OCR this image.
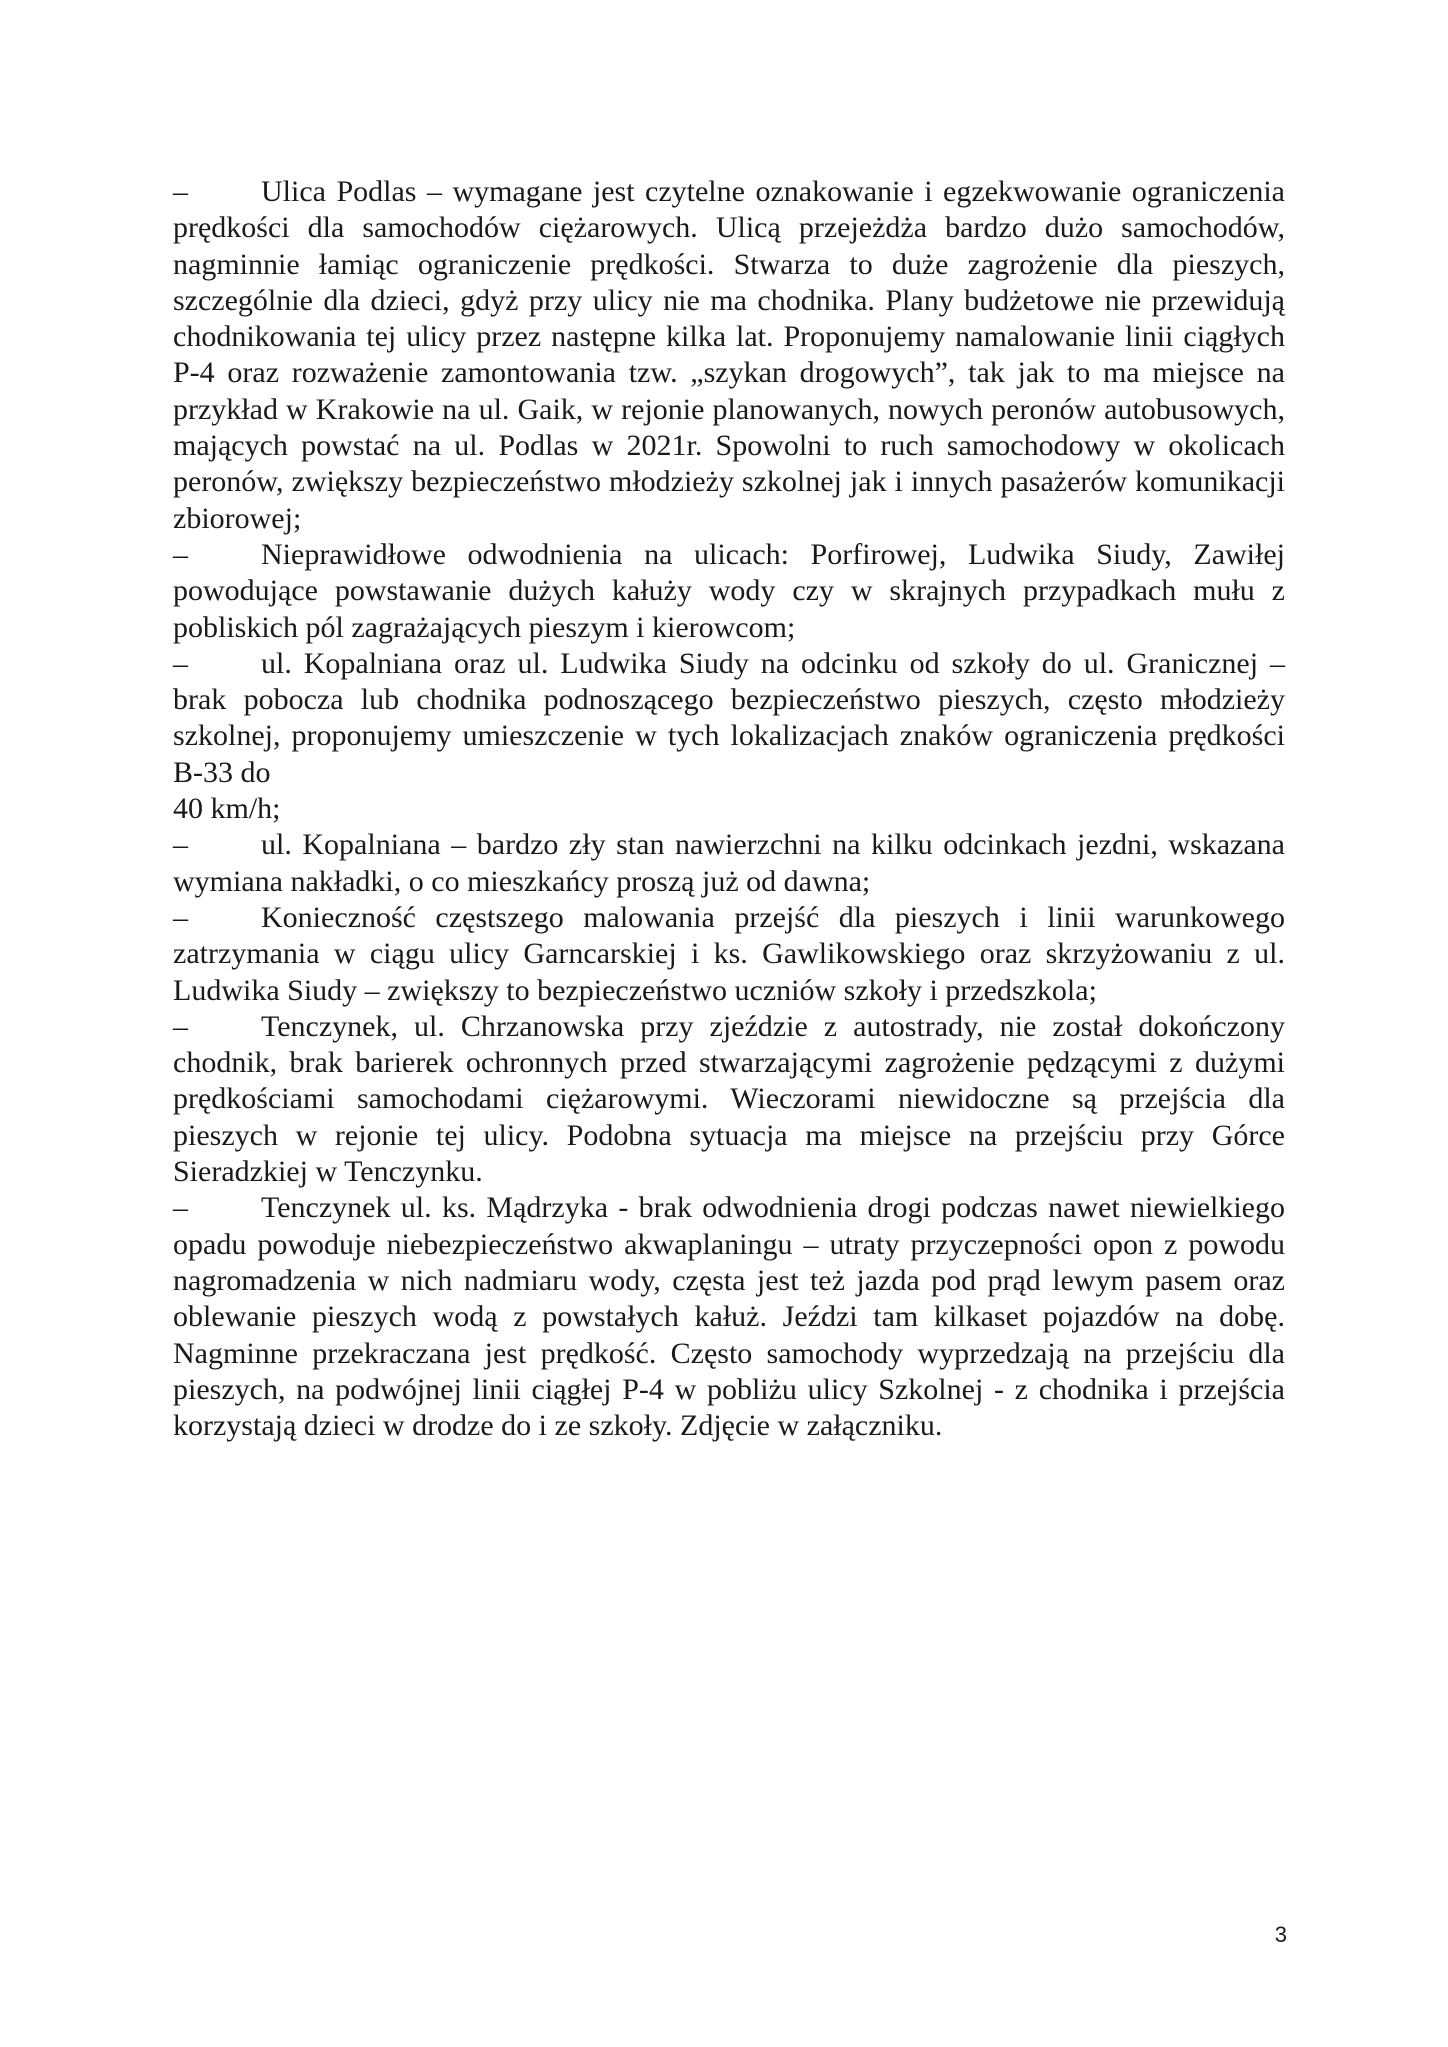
– Ulica Podlas – wymagane jest czytelne oznakowanie i egzekwowanie ograniczenia prędkości dla samochodów ciężarowych. Ulicą przejeżdża bardzo dużo samochodów, nagminnie łamiąc ograniczenie prędkości. Stwarza to duże zagrożenie dla pieszych, szczególnie dla dzieci, gdyż przy ulicy nie ma chodnika. Plany budżetowe nie przewidują chodnikowania tej ulicy przez następne kilka lat. Proponujemy namalowanie linii ciągłych P-4 oraz rozważenie zamontowania tzw. „szykan drogowych”, tak jak to ma miejsce na przykład w Krakowie na ul. Gaik, w rejonie planowanych, nowych peronów autobusowych, mających powstać na ul. Podlas w 2021r. Spowolni to ruch samochodowy w okolicach peronów, zwiększy bezpieczeństwo młodzieży szkolnej jak i innych pasażerów komunikacji zbiorowej;

– Nieprawidłowe odwodnienia na ulicach: Porfirowej, Ludwika Siudy, Zawiłej powodujące powstawanie dużych kałuży wody czy w skrajnych przypadkach mułu z pobliskich pól zagrażających pieszym i kierowcom;

– ul. Kopalniana oraz ul. Ludwika Siudy na odcinku od szkoły do ul. Granicznej – brak pobocza lub chodnika podnoszącego bezpieczeństwo pieszych, często młodzieży szkolnej, proponujemy umieszczenie w tych lokalizacjach znaków ograniczenia prędkości B-33 do

40 km/h;

– ul. Kopalniana – bardzo zły stan nawierzchni na kilku odcinkach jezdni, wskazana wymiana nakładki, o co mieszkańcy proszą już od dawna;

– Konieczność częstszego malowania przejść dla pieszych i linii warunkowego zatrzymania w ciągu ulicy Garncarskiej i ks. Gawlikowskiego oraz skrzyżowaniu z ul. Ludwika Siudy – zwiększy to bezpieczeństwo uczniów szkoły i przedszkola;

– Tenczynek, ul. Chrzanowska przy zjeździe z autostrady, nie został dokończony chodnik, brak barierek ochronnych przed stwarzającymi zagrożenie pędzącymi z dużymi prędkościami samochodami ciężarowymi. Wieczorami niewidoczne są przejścia dla pieszych w rejonie tej ulicy. Podobna sytuacja ma miejsce na przejściu przy Górce Sieradzkiej w Tenczynku.

– Tenczynek ul. ks. Mądrzyka - brak odwodnienia drogi podczas nawet niewielkiego opadu powoduje niebezpieczeństwo akwaplaningu – utraty przyczepności opon z powodu nagromadzenia w nich nadmiaru wody, częsta jest też jazda pod prąd lewym pasem oraz oblewanie pieszych wodą z powstałych kałuż. Jeździ tam kilkaset pojazdów na dobę. Nagminne przekraczana jest prędkość. Często samochody wyprzedzają na przejściu dla pieszych, na podwójnej linii ciągłej P-4 w pobliżu ulicy Szkolnej - z chodnika i przejścia korzystają dzieci w drodze do i ze szkoły. Zdjęcie w załączniku.

3
